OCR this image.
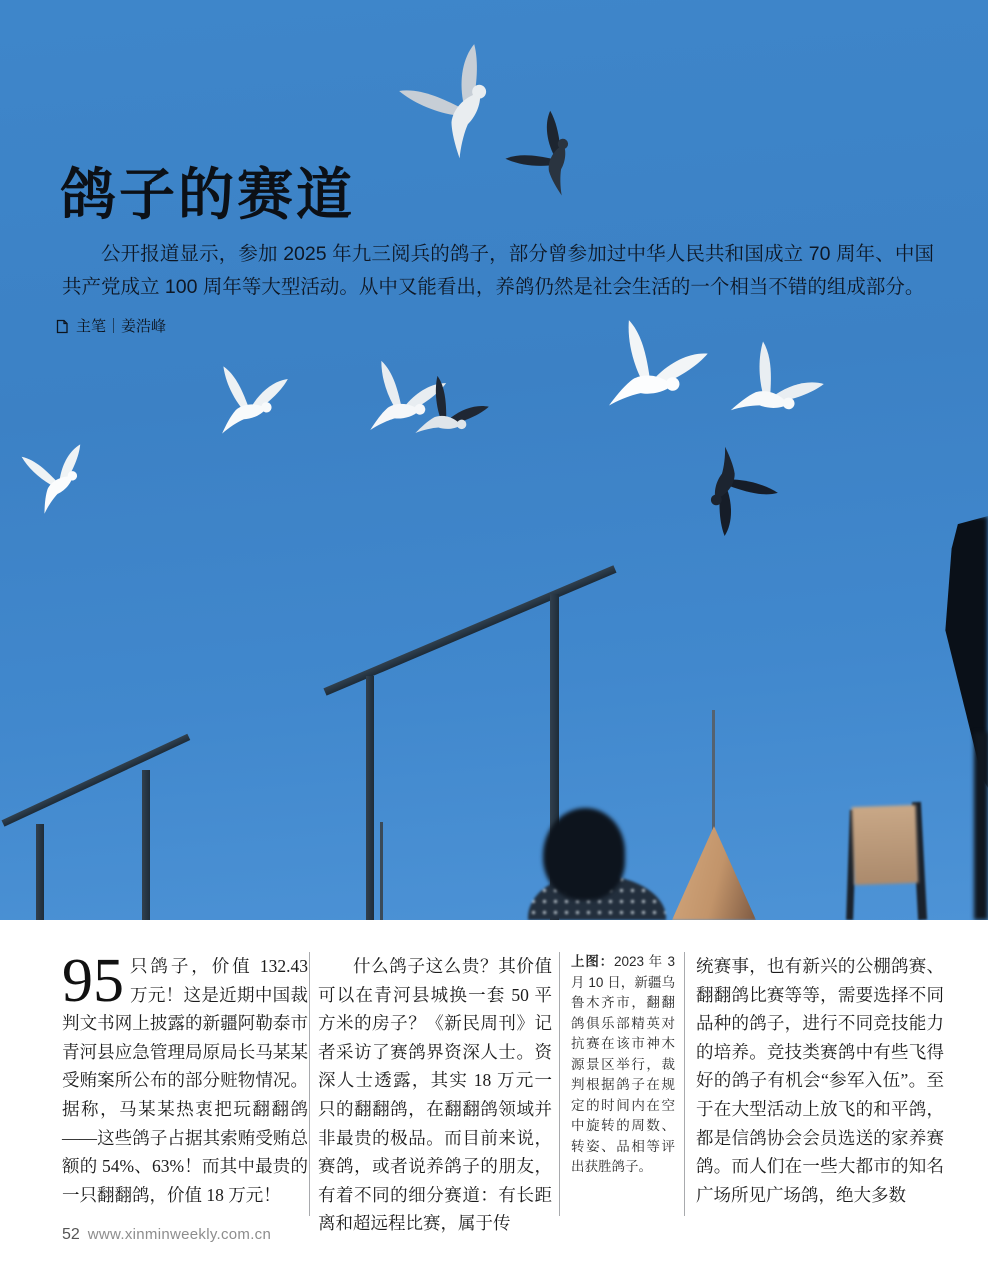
鸽子的赛道

公开报道显示，参加 2025 年九三阅兵的鸽子，部分曾参加过中华人民共和国成立 70 周年、中国共产党成立 100 周年等大型活动。从中又能看出，养鸽仍然是社会生活的一个相当不错的组成部分。

主笔｜姜浩峰
95 只鸽子，价值 132.43 万元！这是近期中国裁判文书网上披露的新疆阿勒泰市青河县应急管理局原局长马某某受贿案所公布的部分赃物情况。据称，马某某热衷把玩翻翻鸽——这些鸽子占据其索贿受贿总额的 54%、63%！而其中最贵的一只翻翻鸽，价值 18 万元！
什么鸽子这么贵？其价值可以在青河县城换一套 50 平方米的房子？《新民周刊》记者采访了赛鸽界资深人士。资深人士透露，其实 18 万元一只的翻翻鸽，在翻翻鸽领域并非最贵的极品。而目前来说，赛鸽，或者说养鸽子的朋友，有着不同的细分赛道：有长距离和超远程比赛，属于传
上图：2023 年 3 月 10 日，新疆乌鲁木齐市，翻翻鸽俱乐部精英对抗赛在该市神木源景区举行，裁判根据鸽子在规定的时间内在空中旋转的周数、转姿、品相等评出获胜鸽子。
统赛事，也有新兴的公棚鸽赛、翻翻鸽比赛等等，需要选择不同品种的鸽子，进行不同竞技能力的培养。竞技类赛鸽中有些飞得好的鸽子有机会“参军入伍”。至于在大型活动上放飞的和平鸽，都是信鸽协会会员选送的家养赛鸽。而人们在一些大都市的知名广场所见广场鸽，绝大多数
52 www.xinminweekly.com.cn
